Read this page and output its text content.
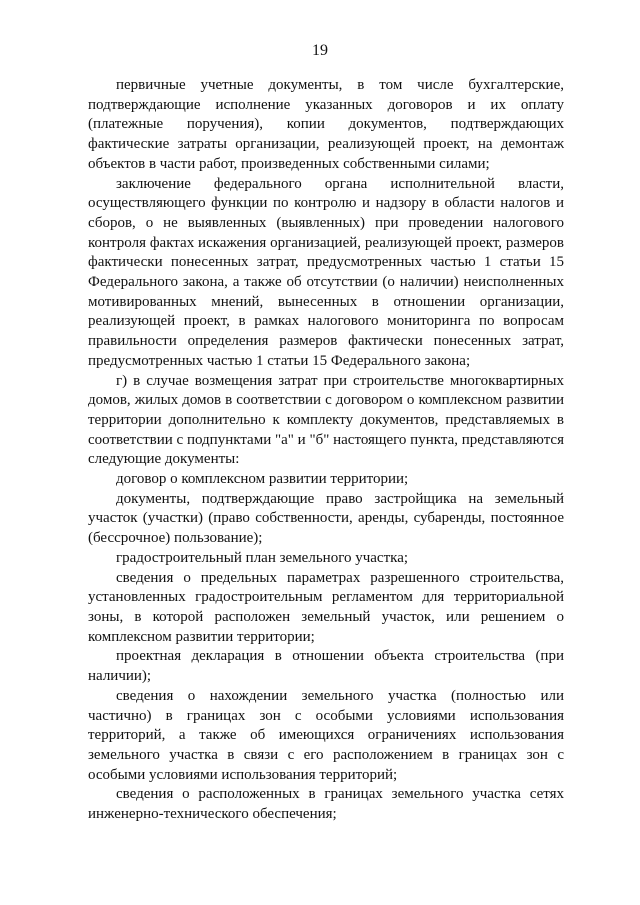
19

первичные учетные документы, в том числе бухгалтерские, подтверждающие исполнение указанных договоров и их оплату (платежные поручения), копии документов, подтверждающих фактические затраты организации, реализующей проект, на демонтаж объектов в части работ, произведенных собственными силами;

заключение федерального органа исполнительной власти, осуществляющего функции по контролю и надзору в области налогов и сборов, о не выявленных (выявленных) при проведении налогового контроля фактах искажения организацией, реализующей проект, размеров фактически понесенных затрат, предусмотренных частью 1 статьи 15 Федерального закона, а также об отсутствии (о наличии) неисполненных мотивированных мнений, вынесенных в отношении организации, реализующей проект, в рамках налогового мониторинга по вопросам правильности определения размеров фактически понесенных затрат, предусмотренных частью 1 статьи 15 Федерального закона;

г) в случае возмещения затрат при строительстве многоквартирных домов, жилых домов в соответствии с договором о комплексном развитии территории дополнительно к комплекту документов, представляемых в соответствии с подпунктами "а" и "б" настоящего пункта, представляются следующие документы:

договор о комплексном развитии территории;

документы, подтверждающие право застройщика на земельный участок (участки) (право собственности, аренды, субаренды, постоянное (бессрочное) пользование);

градостроительный план земельного участка;

сведения о предельных параметрах разрешенного строительства, установленных градостроительным регламентом для территориальной зоны, в которой расположен земельный участок, или решением о комплексном развитии территории;

проектная декларация в отношении объекта строительства (при наличии);

сведения о нахождении земельного участка (полностью или частично) в границах зон с особыми условиями использования территорий, а также об имеющихся ограничениях использования земельного участка в связи с его расположением в границах зон с особыми условиями использования территорий;

сведения о расположенных в границах земельного участка сетях инженерно-технического обеспечения;
